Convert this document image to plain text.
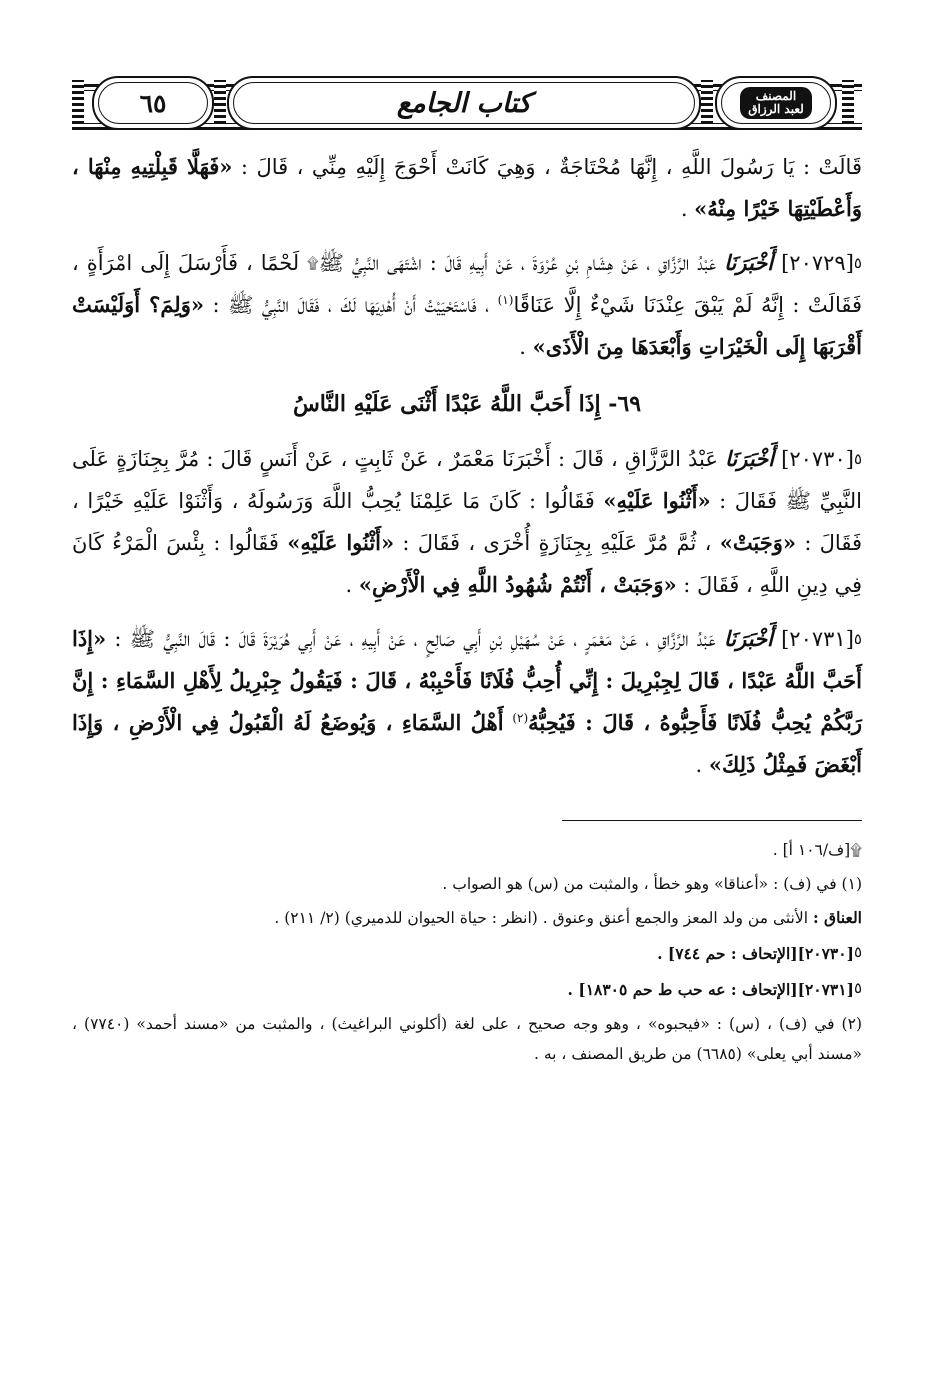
٦٥	كتاب الجامع	المصنف
لعبد الرزاق

قَالَتْ : يَا رَسُولَ اللَّهِ ، إِنَّهَا مُحْتَاجَةٌ ، وَهِيَ كَانَتْ أَحْوَجَ إِلَيْهِ مِنِّي ، قَالَ : «فَهَلَّا قَبِلْتِيهِ مِنْهَا ، وَأَعْطَيْتِهَا خَيْرًا مِنْهُ» .

٥[٢٠٧٢٩] أَخْبَرَنَا عَبْدُ الرَّزَّاقِ ، عَنْ هِشَامِ بْنِ عُرْوَةَ ، عَنْ أَبِيهِ قَالَ : اشْتَهَى النَّبِيُّ ﷺ۩ لَحْمًا ، فَأَرْسَلَ إِلَى امْرَأَةٍ ، فَقَالَتْ : إِنَّهُ لَمْ يَبْقَ عِنْدَنَا شَيْءٌ إِلَّا عَنَاقًا$^{(١)}$ ، فَاسْتَحْيَيْتُ أَنْ أُهْدِيَهَا لَكَ ، فَقَالَ النَّبِيُّ ﷺ : «وَلِمَ؟ أَوَلَيْسَتْ أَقْرَبَهَا إِلَى الْخَيْرَاتِ وَأَبْعَدَهَا مِنَ الْأَذَى» .

٦٩- إِذَا أَحَبَّ اللَّهُ عَبْدًا أَثْنَى عَلَيْهِ النَّاسُ

٥[٢٠٧٣٠] أَخْبَرَنَا عَبْدُ الرَّزَّاقِ ، قَالَ : أَخْبَرَنَا مَعْمَرٌ ، عَنْ ثَابِتٍ ، عَنْ أَنَسٍ قَالَ : مُرَّ بِجِنَازَةٍ عَلَى النَّبِيِّ ﷺ فَقَالَ : «أَثْنُوا عَلَيْهِ» فَقَالُوا : كَانَ مَا عَلِمْنَا يُحِبُّ اللَّهَ وَرَسُولَهُ ، وَأَثْنَوْا عَلَيْهِ خَيْرًا ، فَقَالَ : «وَجَبَتْ» ، ثُمَّ مُرَّ عَلَيْهِ بِجِنَازَةٍ أُخْرَى ، فَقَالَ : «أَثْنُوا عَلَيْهِ» فَقَالُوا : بِئْسَ الْمَرْءُ كَانَ فِي دِينِ اللَّهِ ، فَقَالَ : «وَجَبَتْ ، أَنْتُمْ شُهُودُ اللَّهِ فِي الْأَرْضِ» .

٥[٢٠٧٣١] أَخْبَرَنَا عَبْدُ الرَّزَّاقِ ، عَنْ مَعْمَرٍ ، عَنْ سُهَيْلِ بْنِ أَبِي صَالِحٍ ، عَنْ أَبِيهِ ، عَنْ أَبِي هُرَيْرَةَ قَالَ : قَالَ النَّبِيُّ ﷺ : «إِذَا أَحَبَّ اللَّهُ عَبْدًا ، قَالَ لِجِبْرِيلَ : إِنِّي أُحِبُّ فُلَانًا فَأَحْبِبْهُ ، قَالَ : فَيَقُولُ جِبْرِيلُ لِأَهْلِ السَّمَاءِ : إِنَّ رَبَّكُمْ يُحِبُّ فُلَانًا فَأَحِبُّوهُ ، قَالَ : فَيُحِبُّهُ$^{(٢)}$ أَهْلُ السَّمَاءِ ، وَيُوضَعُ لَهُ الْقَبُولُ فِي الْأَرْضِ ، وَإِذَا أَبْغَضَ فَمِثْلُ ذَلِكَ» .

۩[ف/١٠٦ أ] .

(١) في (ف) : «أعناقا» وهو خطأ ، والمثبت من (س) هو الصواب .

العناق : الأنثى من ولد المعز والجمع أعنق وعنوق . (انظر : حياة الحيوان للدميري) (٢/ ٢١١) .

٥[٢٠٧٣٠][الإتحاف : حم ٧٤٤] .

٥[٢٠٧٣١][الإتحاف : عه حب ط حم ١٨٣٠٥] .

(٢) في (ف) ، (س) : «فيحبوه» ، وهو وجه صحيح ، على لغة (أكلوني البراغيث) ، والمثبت من «مسند أحمد» (٧٧٤٠) ، «مسند أبي يعلى» (٦٦٨٥) من طريق المصنف ، به .
